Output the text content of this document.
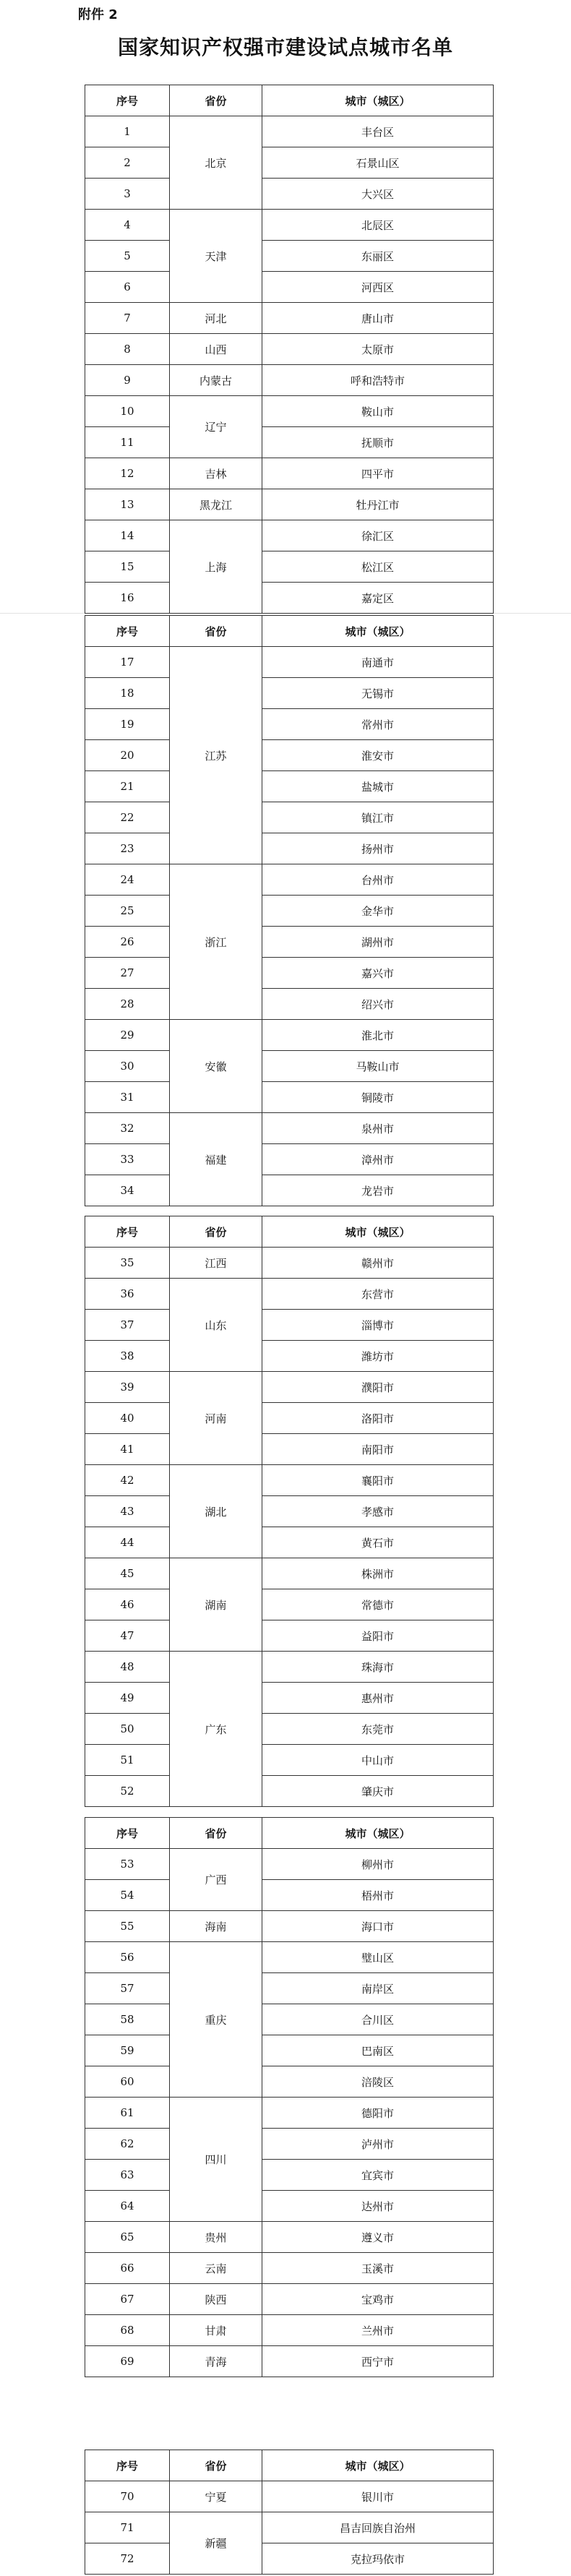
附件 2
国家知识产权强市建设试点城市名单
序号	省份	城市（城区）
1	北京	丰台区
2		石景山区
3		大兴区
4	天津	北辰区
5		东丽区
6		河西区
7	河北	唐山市
8	山西	太原市
9	内蒙古	呼和浩特市
10	辽宁	鞍山市
11		抚顺市
12	吉林	四平市
13	黑龙江	牡丹江市
14	上海	徐汇区
15		松江区
16		嘉定区
序号	省份	城市（城区）
17	江苏	南通市
18		无锡市
19		常州市
20		淮安市
21		盐城市
22		镇江市
23		扬州市
24	浙江	台州市
25		金华市
26		湖州市
27		嘉兴市
28		绍兴市
29	安徽	淮北市
30		马鞍山市
31		铜陵市
32	福建	泉州市
33		漳州市
34		龙岩市
序号	省份	城市（城区）
35	江西	赣州市
36	山东	东营市
37		淄博市
38		潍坊市
39	河南	濮阳市
40		洛阳市
41		南阳市
42	湖北	襄阳市
43		孝感市
44		黄石市
45	湖南	株洲市
46		常德市
47		益阳市
48	广东	珠海市
49		惠州市
50		东莞市
51		中山市
52		肇庆市
序号	省份	城市（城区）
53	广西	柳州市
54		梧州市
55	海南	海口市
56	重庆	璧山区
57		南岸区
58		合川区
59		巴南区
60		涪陵区
61	四川	德阳市
62		泸州市
63		宜宾市
64		达州市
65	贵州	遵义市
66	云南	玉溪市
67	陕西	宝鸡市
68	甘肃	兰州市
69	青海	西宁市
序号	省份	城市（城区）
70	宁夏	银川市
71	新疆	昌吉回族自治州
72		克拉玛依市
